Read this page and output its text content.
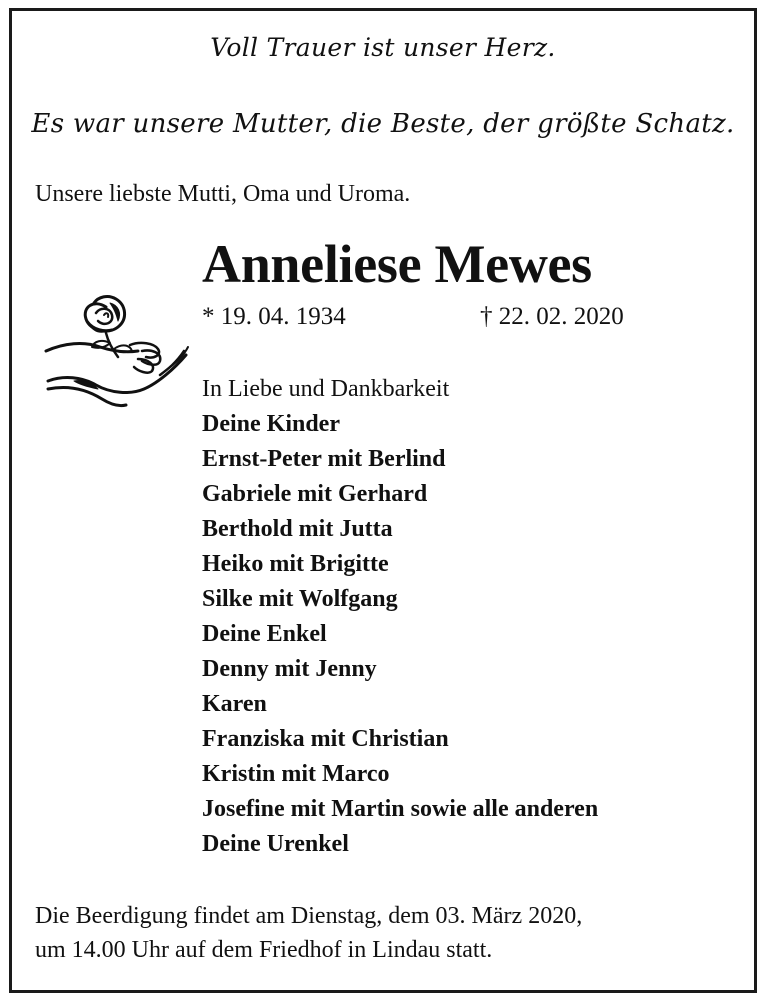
Voll Trauer ist unser Herz.
Es war unsere Mutter, die Beste, der größte Schatz.
Unsere liebste Mutti, Oma und Uroma.
Anneliese Mewes
* 19. 04. 1934	† 22. 02. 2020
In Liebe und Dankbarkeit
Deine Kinder
Ernst-Peter mit Berlind
Gabriele mit Gerhard
Berthold mit Jutta
Heiko mit Brigitte
Silke mit Wolfgang
Deine Enkel
Denny mit Jenny
Karen
Franziska mit Christian
Kristin mit Marco
Josefine mit Martin sowie alle anderen
Deine Urenkel
Die Beerdigung findet am Dienstag, dem 03. März 2020,
um 14.00 Uhr auf dem Friedhof in Lindau statt.
